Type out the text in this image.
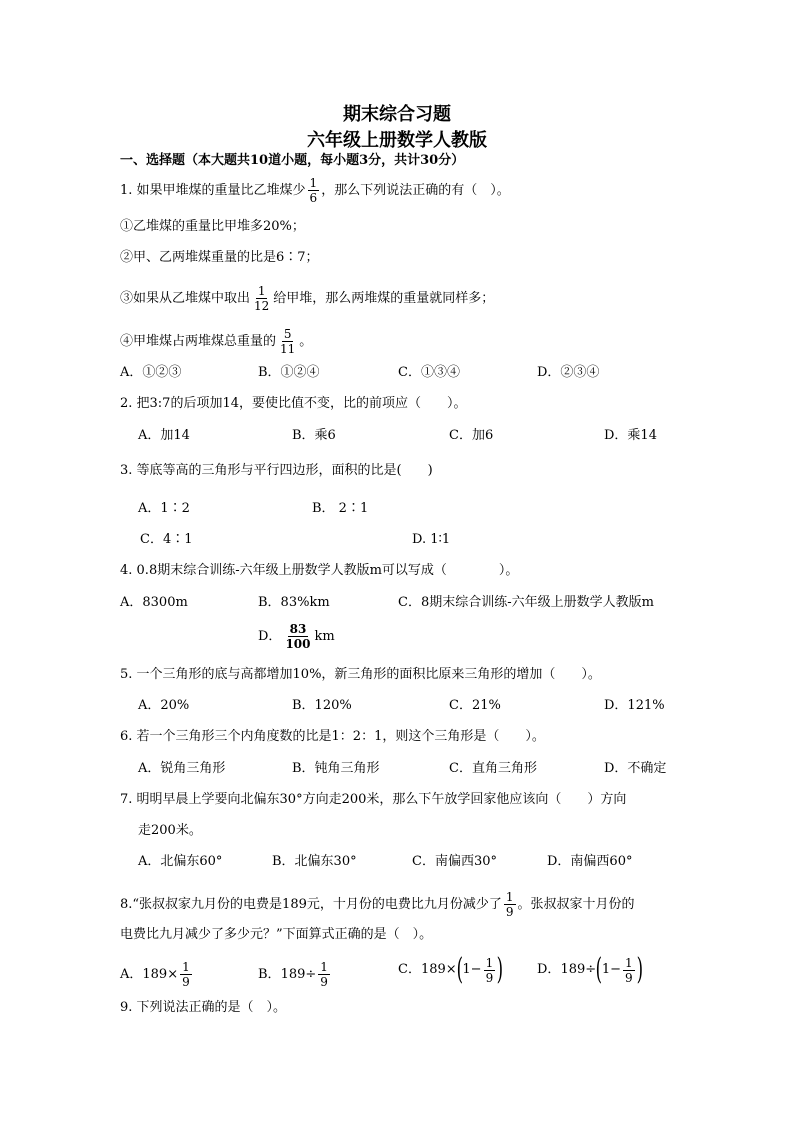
期末综合习题
六年级上册数学人教版
一、选择题（本大题共10道小题，每小题3分，共计30分）
1. 如果甲堆煤的重量比乙堆煤少 $\frac{1}{6}$ ，那么下列说法正确的有（　）。
①乙堆煤的重量比甲堆多20%；
②甲、乙两堆煤重量的比是6∶7；
③如果从乙堆煤中取出 $\frac{1}{12}$ 给甲堆，那么两堆煤的重量就同样多；
④甲堆煤占两堆煤总重量的 $\frac{5}{11}$ 。
A．①②③	B．①②④	C．①③④	D．②③④
2. 把3:7的后项加14，要使比值不变，比的前项应（　　）。
A．加14	B．乘6	C．加6	D．乘14
3. 等底等高的三角形与平行四边形，面积的比是(　　)
A．1∶2	B． 2∶1
C．4∶1	D. 1∶1
4. 0.8期末综合训练-六年级上册数学人教版m可以写成（　　　　）。
A．8300m	B．83%km	C．8期末综合训练-六年级上册数学人教版m
D． $\frac{83}{100}$ km
5. 一个三角形的底与高都增加10%，新三角形的面积比原来三角形的增加（　　）。
A．20%	B．120%	C．21%	D．121%
6. 若一个三角形三个内角度数的比是1：2：1，则这个三角形是（　　）。
A．锐角三角形	B．钝角三角形	C．直角三角形	D．不确定
7. 明明早晨上学要向北偏东30°方向走200米，那么下午放学回家他应该向（　　）方向
走200米。
A．北偏东60°	B．北偏东30°	C．南偏西30°	D．南偏西60°
8.“张叔叔家九月份的电费是189元，十月份的电费比九月份减少了 $\frac{1}{9}$ 。张叔叔家十月份的
电费比九月减少了多少元？”下面算式正确的是（　）。
A． $189\times \frac{1}{9}$	B． $189\div \frac{1}{9}$	C． 189× ( $1- \frac{1}{9}$ )	D． 189÷ ( $1- \frac{1}{9}$ )
9. 下列说法正确的是（　）。
